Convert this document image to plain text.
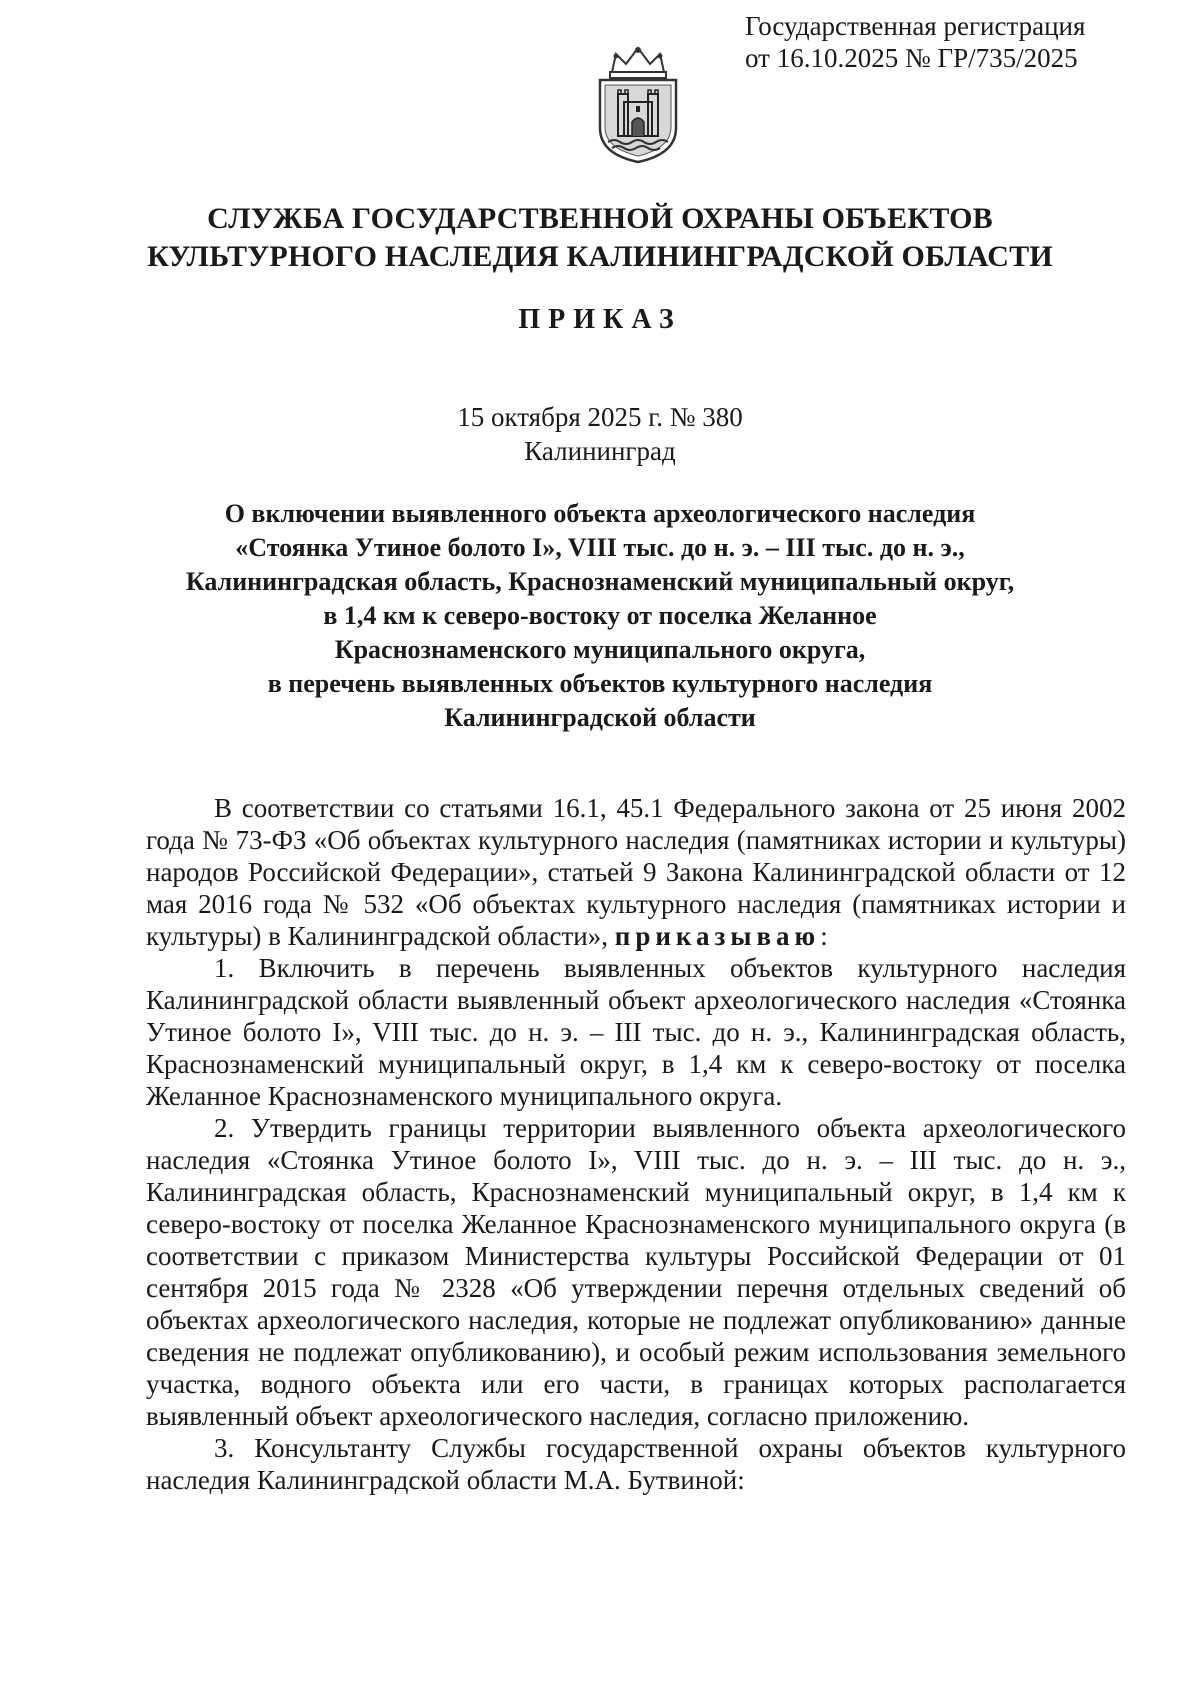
Государственная регистрация
от 16.10.2025 № ГР/735/2025
СЛУЖБА ГОСУДАРСТВЕННОЙ ОХРАНЫ ОБЪЕКТОВ
КУЛЬТУРНОГО НАСЛЕДИЯ КАЛИНИНГРАДСКОЙ ОБЛАСТИ
ПРИКАЗ
15 октября 2025 г. № 380
Калининград
О включении выявленного объекта археологического наследия
«Стоянка Утиное болото I», VIII тыс. до н. э. – III тыс. до н. э.,
Калининградская область, Краснознаменский муниципальный округ,
в 1,4 км к северо-востоку от поселка Желанное
Краснознаменского муниципального округа,
в перечень выявленных объектов культурного наследия
Калининградской области

В соответствии со статьями 16.1, 45.1 Федерального закона от 25 июня 2002 года № 73-ФЗ «Об объектах культурного наследия (памятниках истории и культуры) народов Российской Федерации», статьей 9 Закона Калининградской области от 12 мая 2016 года № 532 «Об объектах культурного наследия (памятниках истории и культуры) в Калининградской области», приказываю:

1. Включить в перечень выявленных объектов культурного наследия Калининградской области выявленный объект археологического наследия «Стоянка Утиное болото I», VIII тыс. до н. э. – III тыс. до н. э., Калининградская область, Краснознаменский муниципальный округ, в 1,4 км к северо-востоку от поселка Желанное Краснознаменского муниципального округа.

2. Утвердить границы территории выявленного объекта археологического наследия «Стоянка Утиное болото I», VIII тыс. до н. э. – III тыс. до н. э., Калининградская область, Краснознаменский муниципальный округ, в 1,4 км к северо-востоку от поселка Желанное Краснознаменского муниципального округа (в соответствии с приказом Министерства культуры Российской Федерации от 01 сентября 2015 года № 2328 «Об утверждении перечня отдельных сведений об объектах археологического наследия, которые не подлежат опубликованию» данные сведения не подлежат опубликованию), и особый режим использования земельного участка, водного объекта или его части, в границах которых располагается выявленный объект археологического наследия, согласно приложению.

3. Консультанту Службы государственной охраны объектов культурного наследия Калининградской области М.А. Бутвиной:
